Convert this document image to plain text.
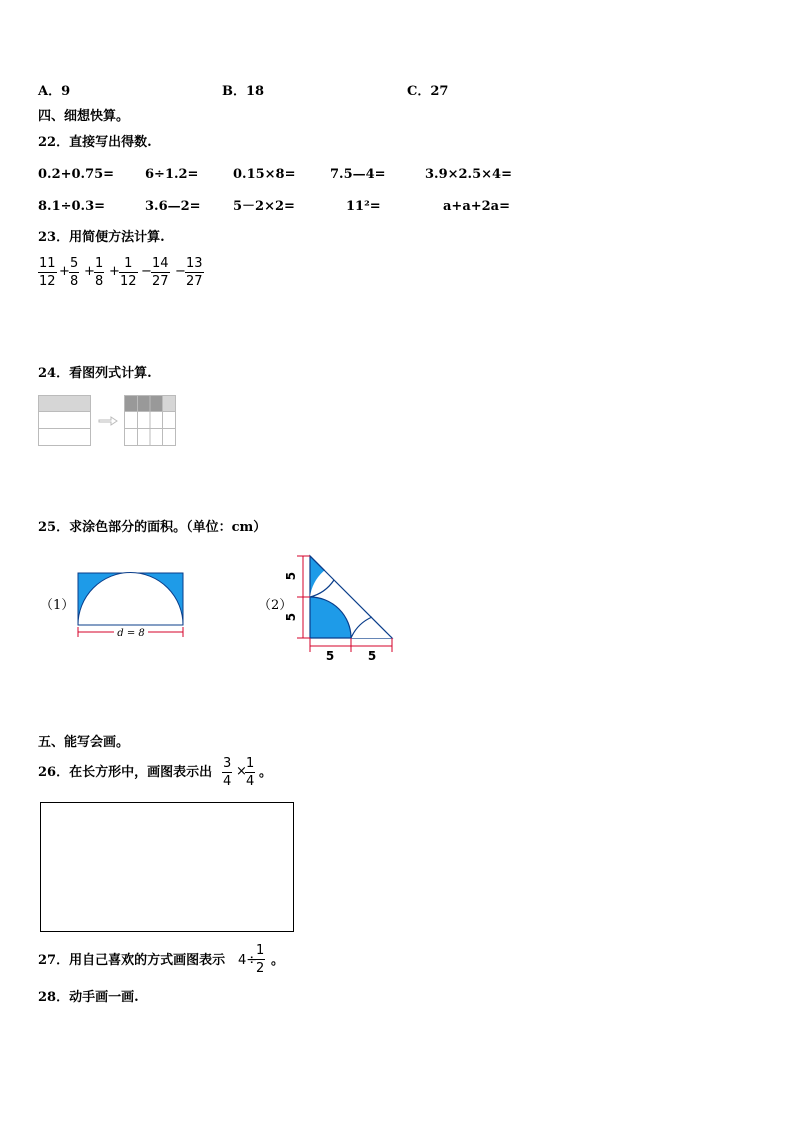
A．9	B．18	C．27
四、细想快算。
22．直接写出得数.
0.2+0.75= 6÷1.2=	0.15×8=	7.5—4=	3.9×2.5×4=
8.1÷0.3=	3.6—2= 5－2×2=	11²=	a+a+2a=
23．用简便方法计算.
$\frac{11}{12} + \frac{5}{8} + \frac{1}{8} + \frac{1}{12} - \frac{14}{27} - \frac{13}{27}$
24．看图列式计算.
25．求涂色部分的面积。（单位：cm）
（1）
d = 8
5
5
5	5
（2）
五、能写会画。
26．在长方形中，画图表示出 $\frac{3}{4}$ ×
$\frac{1}{4}$ 。
27．用自己喜欢的方式画图表示 4÷
$\frac{1}{2}$ 。
28．动手画一画.
